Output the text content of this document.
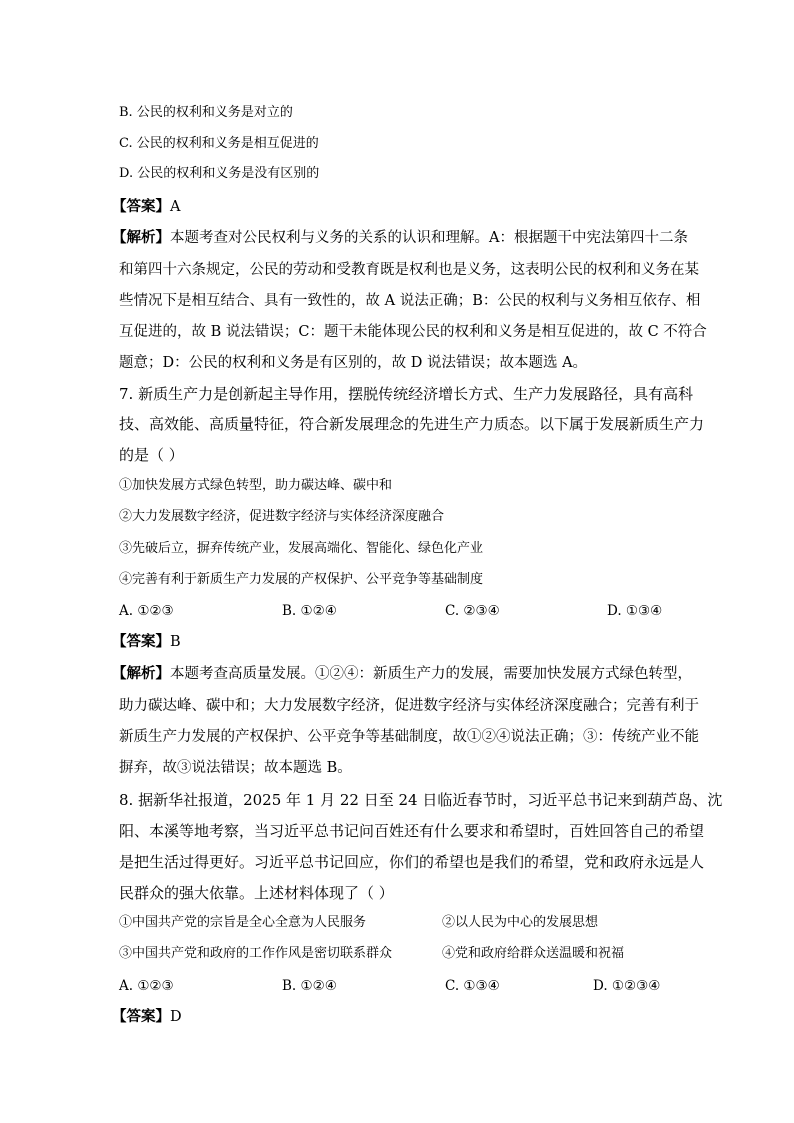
B. 公民的权利和义务是对立的
C. 公民的权利和义务是相互促进的
D. 公民的权利和义务是没有区别的
【答案】A
【解析】本题考查对公民权利与义务的关系的认识和理解。A：根据题干中宪法第四十二条
和第四十六条规定，公民的劳动和受教育既是权利也是义务，这表明公民的权利和义务在某
些情况下是相互结合、具有一致性的，故 A 说法正确；B：公民的权利与义务相互依存、相
互促进的，故 B 说法错误；C：题干未能体现公民的权利和义务是相互促进的，故 C 不符合
题意；D：公民的权利和义务是有区别的，故 D 说法错误；故本题选 A。
7. 新质生产力是创新起主导作用，摆脱传统经济增长方式、生产力发展路径，具有高科
技、高效能、高质量特征，符合新发展理念的先进生产力质态。以下属于发展新质生产力
的是（ ）
①加快发展方式绿色转型，助力碳达峰、碳中和
②大力发展数字经济，促进数字经济与实体经济深度融合
③先破后立，摒弃传统产业，发展高端化、智能化、绿色化产业
④完善有利于新质生产力发展的产权保护、公平竞争等基础制度
A. ①②③	B. ①②④	C. ②③④	D. ①③④
【答案】B
【解析】本题考查高质量发展。①②④：新质生产力的发展，需要加快发展方式绿色转型，
助力碳达峰、碳中和；大力发展数字经济，促进数字经济与实体经济深度融合；完善有利于
新质生产力发展的产权保护、公平竞争等基础制度，故①②④说法正确；③：传统产业不能
摒弃，故③说法错误；故本题选 B。
8. 据新华社报道，2025 年 1 月 22 日至 24 日临近春节时，习近平总书记来到葫芦岛、沈
阳、本溪等地考察，当习近平总书记问百姓还有什么要求和希望时，百姓回答自己的希望
是把生活过得更好。习近平总书记回应，你们的希望也是我们的希望，党和政府永远是人
民群众的强大依靠。上述材料体现了（ ）
①中国共产党的宗旨是全心全意为人民服务	②以人民为中心的发展思想
③中国共产党和政府的工作作风是密切联系群众	④党和政府给群众送温暖和祝福
A. ①②③	B. ①②④	C. ①③④	D. ①②③④
【答案】D
